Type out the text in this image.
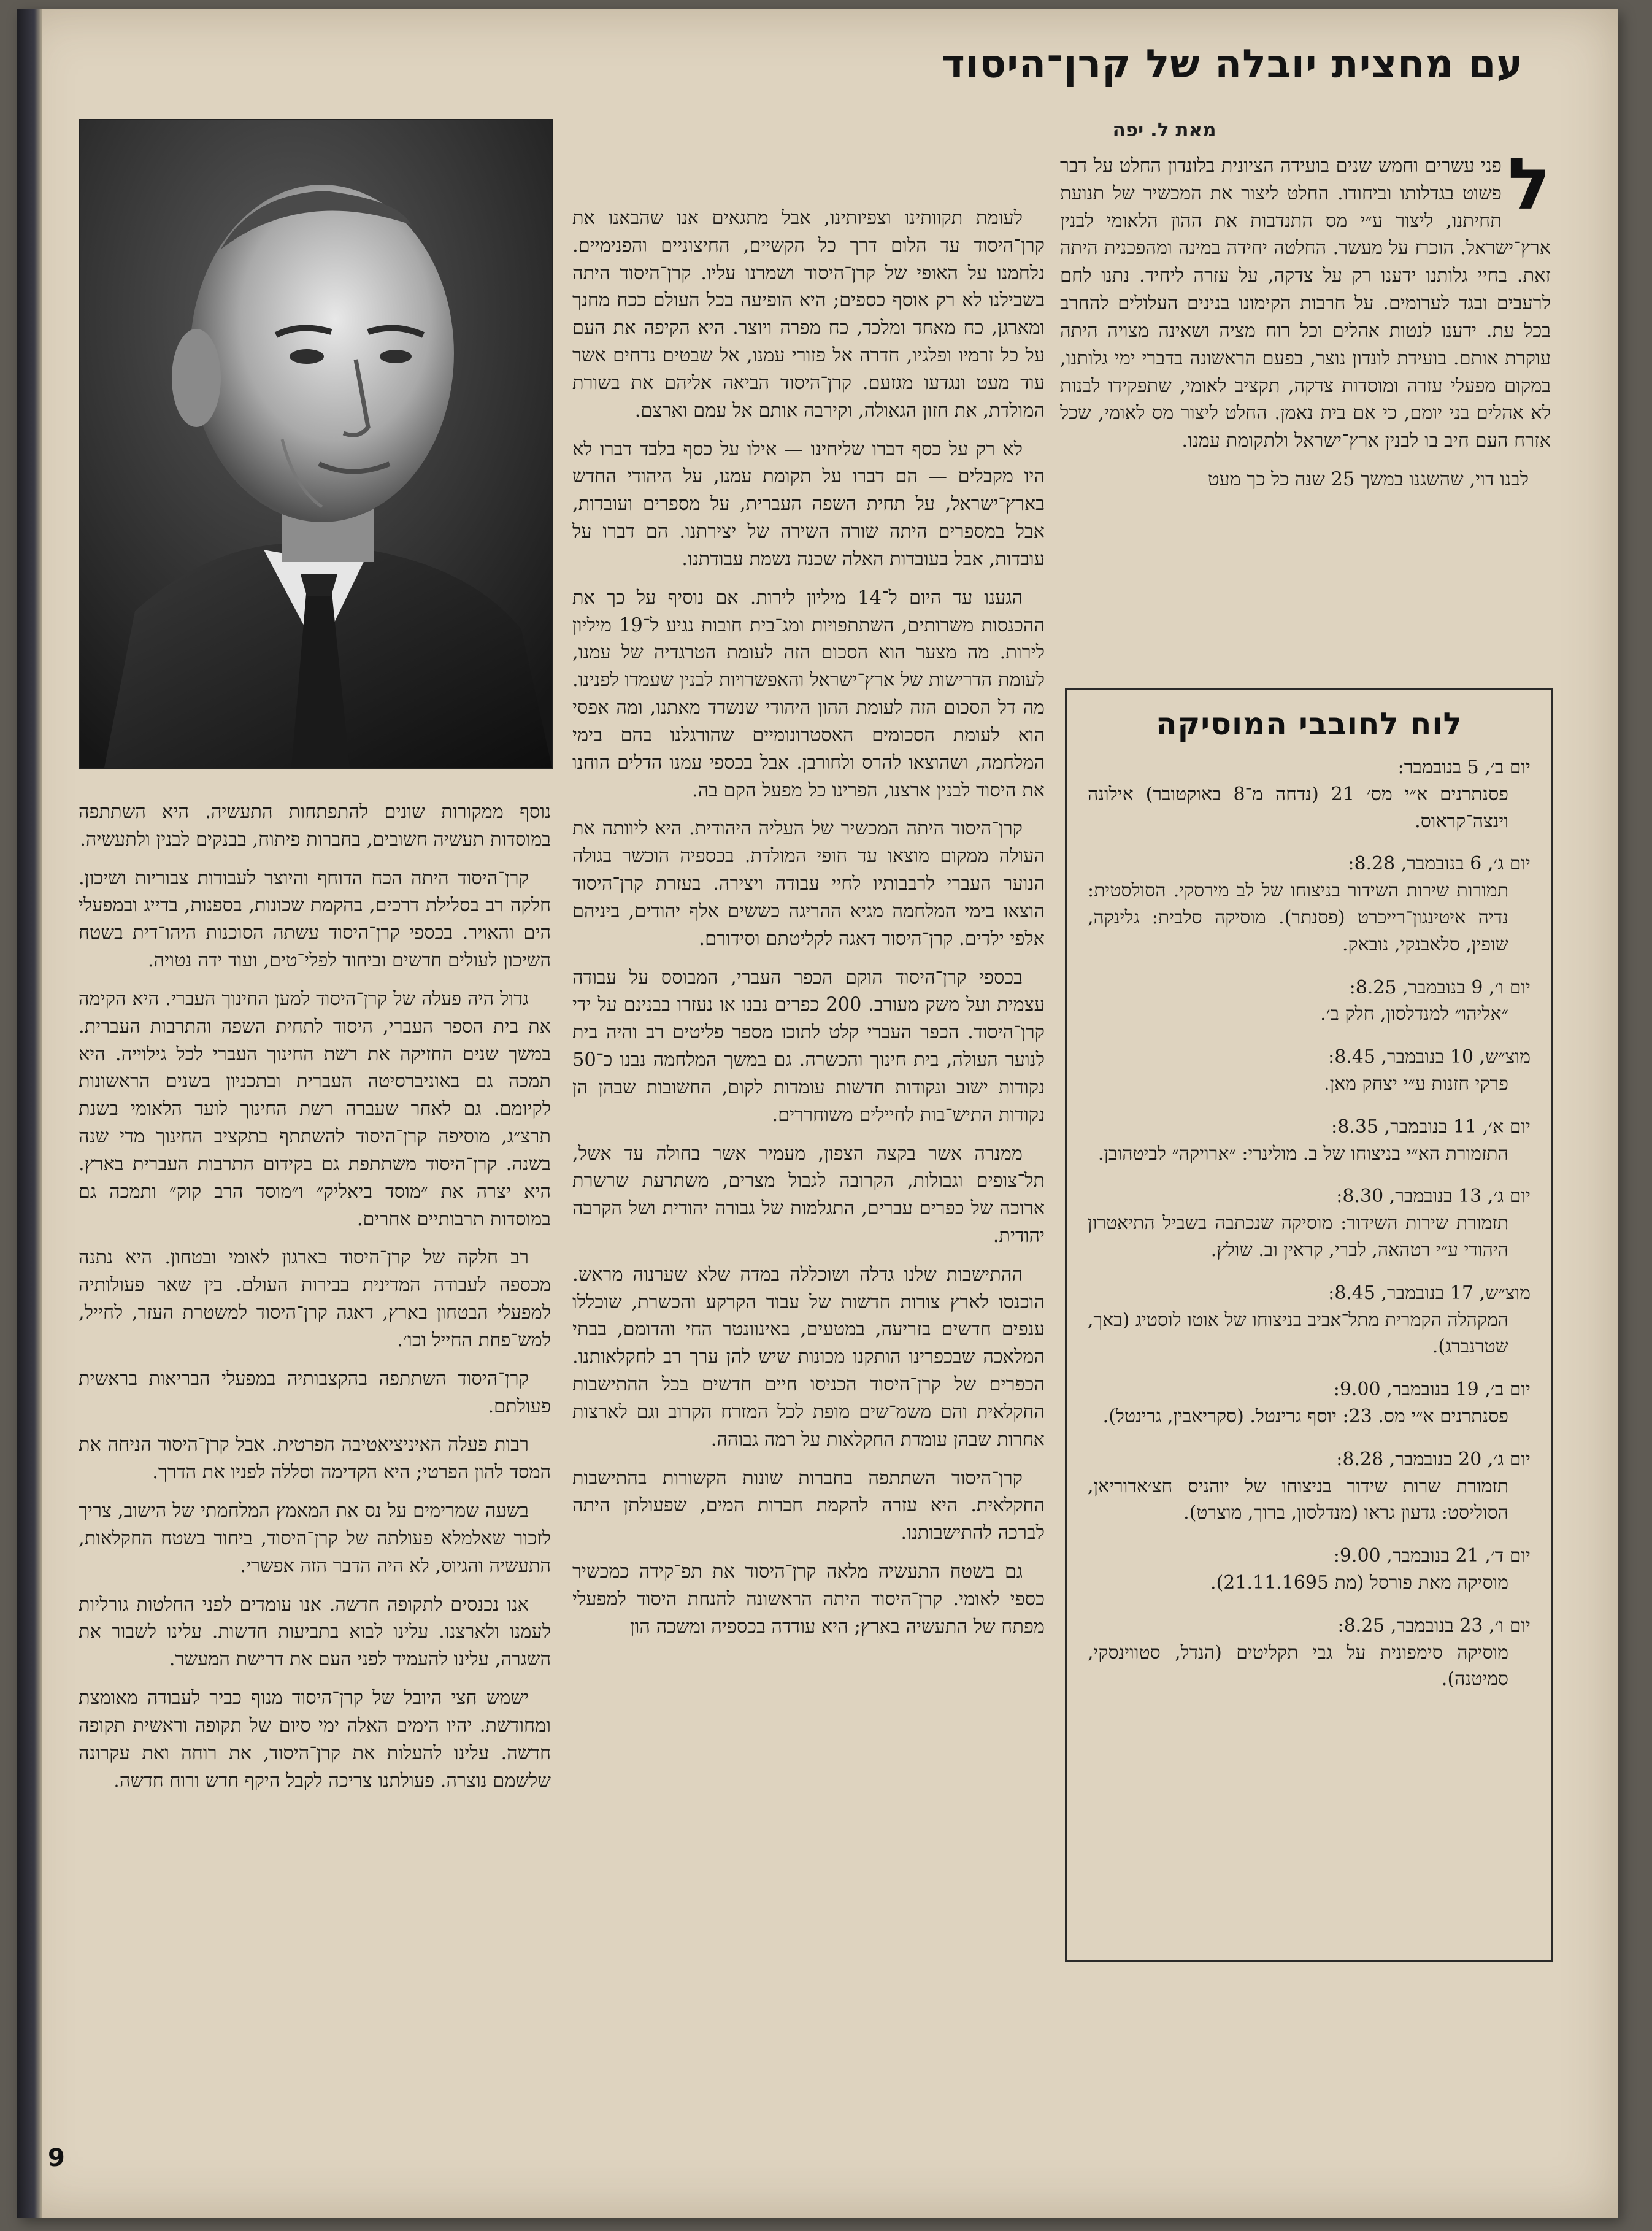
עם מחצית יובלה של קרן־היסוד
מאת ל. יפה

ל
פני עשרים וחמש שנים בועידה הציונית בלונדון החלט על דבר פשוט בגדלותו וביחודו. החלט ליצור את המכשיר של תנועת תחיתנו, ליצור ע״י מס התנדבות את ההון הלאומי לבנין ארץ־ישראל. הוכרז על מעשר. החלטה יחידה במינה ומהפכנית היתה זאת. בחיי גלותנו ידענו רק על צדקה, על עזרה ליחיד. נתנו לחם לרעבים ובגד לערומים. על חרבות הקימונו בנינים העלולים להחרב בכל עת. ידענו לנטות אהלים וכל רוח מציה ושאינה מצויה היתה עוקרת אותם. בועידת לונדון נוצר, בפעם הראשונה בדברי ימי גלותנו, במקום מפעלי עזרה ומוסדות צדקה, תקציב לאומי, שתפקידו לבנות לא אהלים בני יומם, כי אם בית נאמן. החלט ליצור מס לאומי, שכל אזרח העם חיב בו לבנין ארץ־ישראל ולתקומת עמנו.

לבנו דוי, שהשגנו במשך 25 שנה כל כך מעט

לעומת תקוותינו וצפיותינו, אבל מתגאים אנו שהבאנו את קרן־היסוד עד הלום דרך כל הקשיים, החיצוניים והפנימיים. נלחמנו על האופי של קרן־היסוד ושמרנו עליו. קרן־היסוד היתה בשבילנו לא רק אוסף כספים; היא הופיעה בכל העולם ככח מחנך ומארגן, כח מאחד ומלכד, כח מפרה ויוצר. היא הקיפה את העם על כל זרמיו ופלגיו, חדרה אל פזורי עמנו, אל שבטים נדחים אשר עוד מעט ונגדעו מגזעם. קרן־היסוד הביאה אליהם את בשורת המולדת, את חזון הגאולה, וקירבה אותם אל עמם וארצם.

לא רק על כסף דברו שליחינו — אילו על כסף בלבד דברו לא היו מקבלים — הם דברו על תקומת עמנו, על היהודי החדש בארץ־ישראל, על תחית השפה העברית, על מספרים ועובדות, אבל במספרים היתה שורה השירה של יצירתנו. הם דברו על עובדות, אבל בעובדות האלה שכנה נשמת עבודתנו.

הגענו עד היום ל־14 מיליון לירות. אם נוסיף על כך את ההכנסות משרותים, השתתפויות ומג־בית חובות נגיע ל־19 מיליון לירות. מה מצער הוא הסכום הזה לעומת הטרגדיה של עמנו, לעומת הדרישות של ארץ־ישראל והאפשרויות לבנין שעמדו לפנינו. מה דל הסכום הזה לעומת ההון היהודי שנשדד מאתנו, ומה אפסי הוא לעומת הסכומים האסטרונומיים שהורגלנו בהם בימי המלחמה, ושהוצאו להרס ולחורבן. אבל בכספי עמנו הדלים הוחנו את היסוד לבנין ארצנו, הפרינו כל מפעל הקם בה.

קרן־היסוד היתה המכשיר של העליה היהודית. היא ליוותה את העולה ממקום מוצאו עד חופי המולדת. בכספיה הוכשר בגולה הנוער העברי לרבבותיו לחיי עבודה ויצירה. בעזרת קרן־היסוד הוצאו בימי המלחמה מגיא ההריגה כששים אלף יהודים, ביניהם אלפי ילדים. קרן־היסוד דאגה לקליטתם וסידורם.

בכספי קרן־היסוד הוקם הכפר העברי, המבוסס על עבודה עצמית ועל משק מעורב. 200 כפרים נבנו או נעזרו בבנינם על ידי קרן־היסוד. הכפר העברי קלט לתוכו מספר פליטים רב והיה בית לנוער העולה, בית חינוך והכשרה. גם במשך המלחמה נבנו כ־50 נקודות ישוב ונקודות חדשות עומדות לקום, החשובות שבהן הן נקודות התיש־בות לחיילים משוחררים.

ממנרה אשר בקצה הצפון, מעמיר אשר בחולה עד אשל, תל־צופים וגבולות, הקרובה לגבול מצרים, משתרעת שרשרת ארוכה של כפרים עברים, התגלמות של גבורה יהודית ושל הקרבה יהודית.

ההתישבות שלנו גדלה ושוכללה במדה שלא שערנוה מראש. הוכנסו לארץ צורות חדשות של עבוד הקרקע והכשרת, שוכללו ענפים חדשים בזריעה, במטעים, באינוונטר החי והדומם, בבתי המלאכה שבכפרינו הותקנו מכונות שיש להן ערך רב לחקלאותנו. הכפרים של קרן־היסוד הכניסו חיים חדשים בכל ההתישבות החקלאית והם משמ־שים מופת לכל המזרח הקרוב וגם לארצות אחרות שבהן עומדת החקלאות על רמה גבוהה.

קרן־היסוד השתתפה בחברות שונות הקשורות בהתישבות החקלאית. היא עזרה להקמת חברות המים, שפעולתן היתה לברכה להתישבותנו.

גם בשטח התעשיה מלאה קרן־היסוד את תפ־קידה כמכשיר כספי לאומי. קרן־היסוד היתה הראשונה להנחת היסוד למפעלי מפתח של התעשיה בארץ; היא עודדה בכספיה ומשכה הון

נוסף ממקורות שונים להתפתחות התעשיה. היא השתתפה במוסדות תעשיה חשובים, בחברות פיתוח, בבנקים לבנין ולתעשיה.

קרן־היסוד היתה הכח הדוחף והיוצר לעבודות צבוריות ושיכון. חלקה רב בסלילת דרכים, בהקמת שכונות, בספנות, בדייג ובמפעלי הים והאויר. בכספי קרן־היסוד עשתה הסוכנות היהו־דית בשטח השיכון לעולים חדשים וביחוד לפלי־טים, ועוד ידה נטויה.

גדול היה פעלה של קרן־היסוד למען החינוך העברי. היא הקימה את בית הספר העברי, היסוד לתחית השפה והתרבות העברית. במשך שנים החזיקה את רשת החינוך העברי לכל גילוייה. היא תמכה גם באוניברסיטה העברית ובתכניון בשנים הראשונות לקיומם. גם לאחר שעברה רשת החינוך לועד הלאומי בשנת תרצ״ג, מוסיפה קרן־היסוד להשתתף בתקציב החינוך מדי שנה בשנה. קרן־היסוד משתתפת גם בקידום התרבות העברית בארץ. היא יצרה את ״מוסד ביאליק״ ו״מוסד הרב קוק״ ותמכה גם במוסדות תרבותיים אחרים.

רב חלקה של קרן־היסוד בארגון לאומי ובטחון. היא נתנה מכספה לעבודה המדינית בבירות העולם. בין שאר פעולותיה למפעלי הבטחון בארץ, דאגה קרן־היסוד למשטרת העזר, לחייל, למש־פחת החייל וכו׳.

קרן־היסוד השתתפה בהקצבותיה במפעלי הבריאות בראשית פעולתם.

רבות פעלה האיניציאטיבה הפרטית. אבל קרן־היסוד הניחה את המסד להון הפרטי; היא הקדימה וסללה לפניו את הדרך.

בשעה שמרימים על נס את המאמץ המלחמתי של הישוב, צריך לזכור שאלמלא פעולתה של קרן־היסוד, ביחוד בשטח החקלאות, התעשיה והגיוס, לא היה הדבר הזה אפשרי.

אנו נכנסים לתקופה חדשה. אנו עומדים לפני החלטות גורליות לעמנו ולארצנו. עלינו לבוא בתביעות חדשות. עלינו לשבור את השגרה, עלינו להעמיד לפני העם את דרישת המעשר.

ישמש חצי היובל של קרן־היסוד מנוף כביר לעבודה מאומצת ומחודשת. יהיו הימים האלה ימי סיום של תקופה וראשית תקופה חדשה. עלינו להעלות את קרן־היסוד, את רוחה ואת עקרונה שלשמם נוצרה. פעולתנו צריכה לקבל היקף חדש ורוח חדשה.

לוח לחובבי המוסיקה
יום ב׳, 5 בנובמבר:
פסנתרנים א״י מס׳ 21 (נדחה מ־8 באוקטובר) אילונה וינצה־קראוס.
יום ג׳, 6 בנובמבר, 8.28:
תמורות שירות השידור בניצוחו של לב מירסקי. הסולסטית: נדיה איטינגון־רייכרט (פסנתר). מוסיקה סלבית: גלינקה, שופין, סלאבנקי, נובאק.
יום ו׳, 9 בנובמבר, 8.25:
״אליהו״ למנדלסון, חלק ב׳.
מוצ״ש, 10 בנובמבר, 8.45:
פרקי חזנות ע״י יצחק מאן.
יום א׳, 11 בנובמבר, 8.35:
התזמורת הא״י בניצוחו של ב. מולינרי: ״ארויקה״ לביטהובן.
יום ג׳, 13 בנובמבר, 8.30:
תזמורת שירות השידור: מוסיקה שנכתבה בשביל התיאטרון היהודי ע״י רטהאה, לברי, קראין וב. שולץ.
מוצ״ש, 17 בנובמבר, 8.45:
המקהלה הקמרית מתל־אביב בניצוחו של אוטו לוסטיג (באך, שטרנברג).
יום ב׳, 19 בנובמבר, 9.00:
פסנתרנים א״י מס. 23: יוסף גרינטל. (סקריאבין, גרינטל).
יום ג׳, 20 בנובמבר, 8.28:
תזמורת שרות שידור בניצוחו של יוהניס חצ׳אדוריאן, הסוליסט: גדעון גראו (מנדלסון, ברוך, מוצרט).
יום ד׳, 21 בנובמבר, 9.00:
מוסיקה מאת פורסל (מת 21.11.1695).
יום ו׳, 23 בנובמבר, 8.25:
מוסיקה סימפונית על גבי תקליטים (הנדל, סטווינסקי, סמיטנה).
9
